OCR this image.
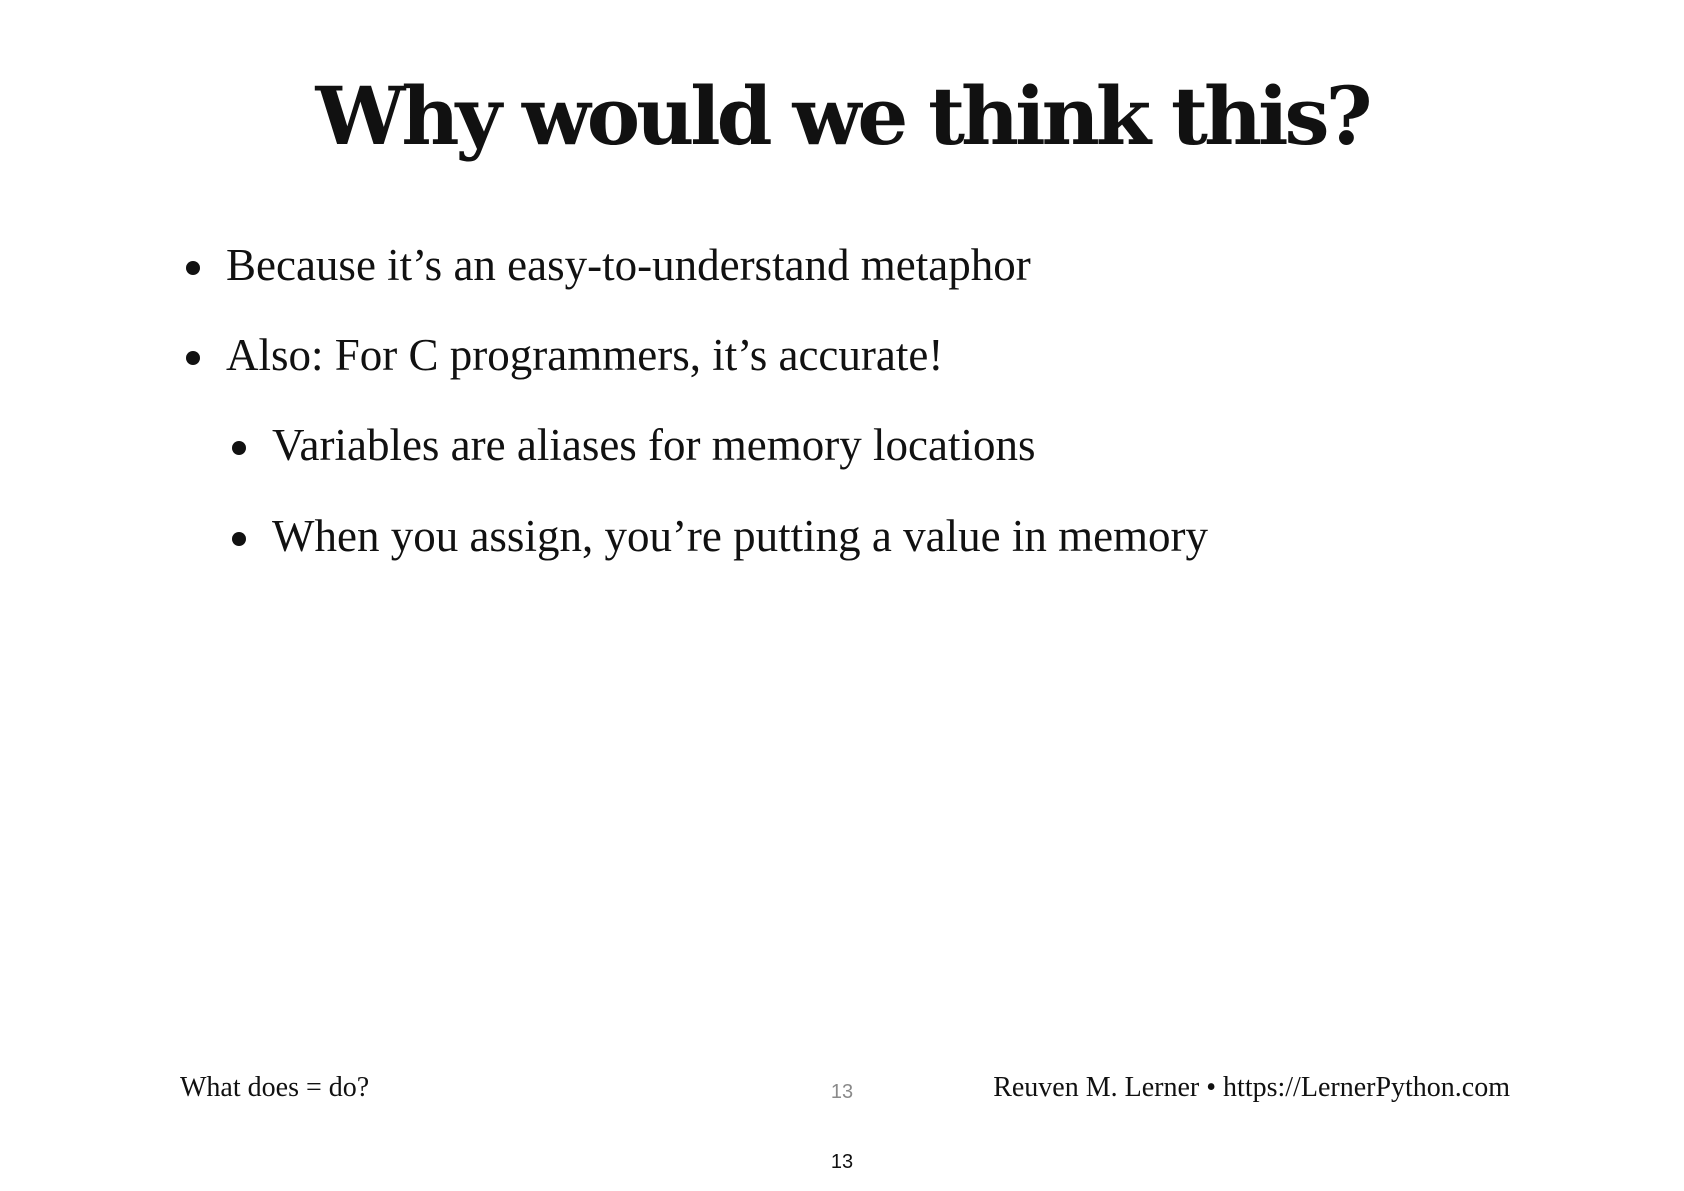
Why would we think this?
Because it’s an easy-to-understand metaphor
Also: For C programmers, it’s accurate!
Variables are aliases for memory locations
When you assign, you’re putting a value in memory
What does = do?	13	Reuven M. Lerner • https://LernerPython.com
13
